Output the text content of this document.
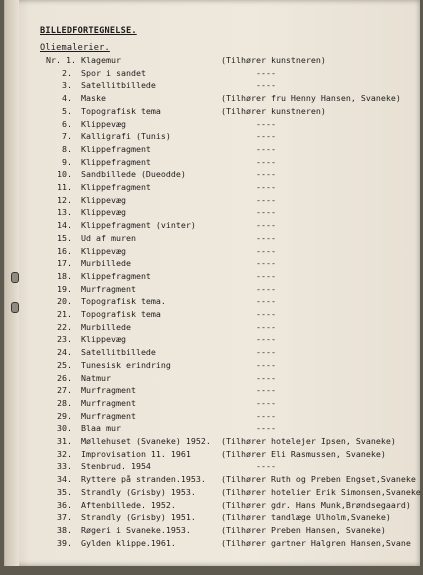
BILLEDFORTEGNELSE.
Oliemalerier.
Nr. 1. Klagemur	(Tilhører kunstneren)
2. Spor i sandet	----
3. Satellitbillede	----
4. Maske	(Tilhører fru Henny Hansen, Svaneke)
5. Topografisk tema	(Tilhører kunstneren)
6. Klippevæg	----
7. Kalligrafi (Tunis)	----
8. Klippefragment	----
9. Klippefragment	----
10. Sandbillede (Dueodde)	----
11. Klippefragment	----
12. Klippevæg	----
13. Klippevæg	----
14. Klippefragment (vinter)	----
15. Ud af muren	----
16. Klippevæg	----
17. Murbillede	----
18. Klippefragment	----
19. Murfragment	----
20. Topografisk tema.	----
21. Topografisk tema	----
22. Murbillede	----
23. Klippevæg	----
24. Satellitbillede	----
25. Tunesisk erindring	----
26. Natmur	----
27. Murfragment	----
28. Murfragment	----
29. Murfragment	----
30. Blaa mur	----
31. Møllehuset (Svaneke) 1952. (Tilhører hotelejer Ipsen, Svaneke)
32. Improvisation 11. 1961	(Tilhører Eli Rasmussen, Svaneke)
33. Stenbrud. 1954	----
34. Ryttere på stranden.1953. (Tilhører Ruth og Preben Engset,Svaneke
35. Strandly (Grisby) 1953.	(Tilhører hotelier Erik Simonsen,Svaneke
36. Aftenbillede. 1952.	(Tilhører gdr. Hans Munk,Brøndsegaard)
37. Strandly (Grisby) 1951.	(Tilhører tandlæge Ulholm,Svaneke)
38. Røgeri i Svaneke.1953.	(Tilhører Preben Hansen, Svaneke)
39. Gylden klippe.1961.	(Tilhører gartner Halgren Hansen,Svane
